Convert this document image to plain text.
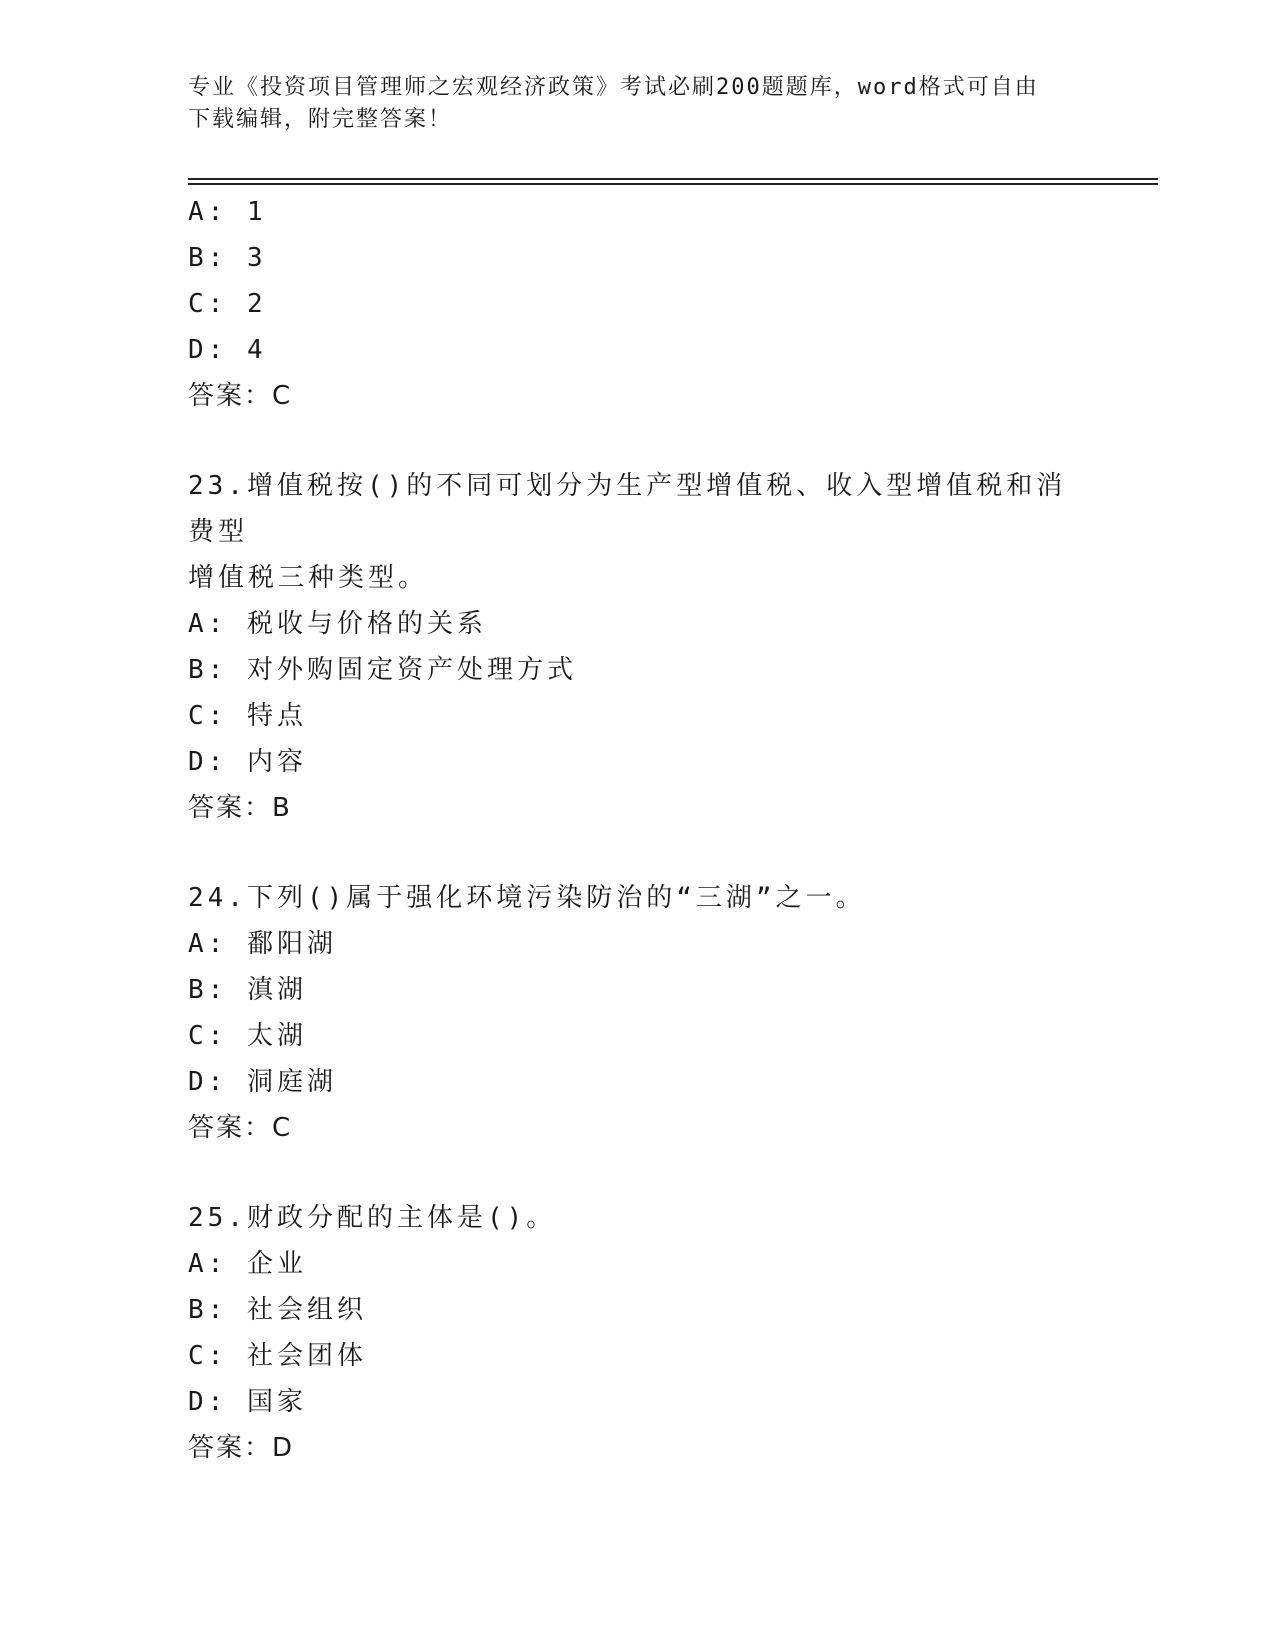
专业《投资项目管理师之宏观经济政策》考试必刷200题题库，word格式可自由
下载编辑，附完整答案！
A: 1
B: 3
C: 2
D: 4
答案：C
23.增值税按()的不同可划分为生产型增值税、收入型增值税和消费型
增值税三种类型。
A: 税收与价格的关系
B: 对外购固定资产处理方式
C: 特点
D: 内容
答案：B
24.下列()属于强化环境污染防治的“三湖”之一。
A: 鄱阳湖
B: 滇湖
C: 太湖
D: 洞庭湖
答案：C
25.财政分配的主体是()。
A: 企业
B: 社会组织
C: 社会团体
D: 国家
答案：D
